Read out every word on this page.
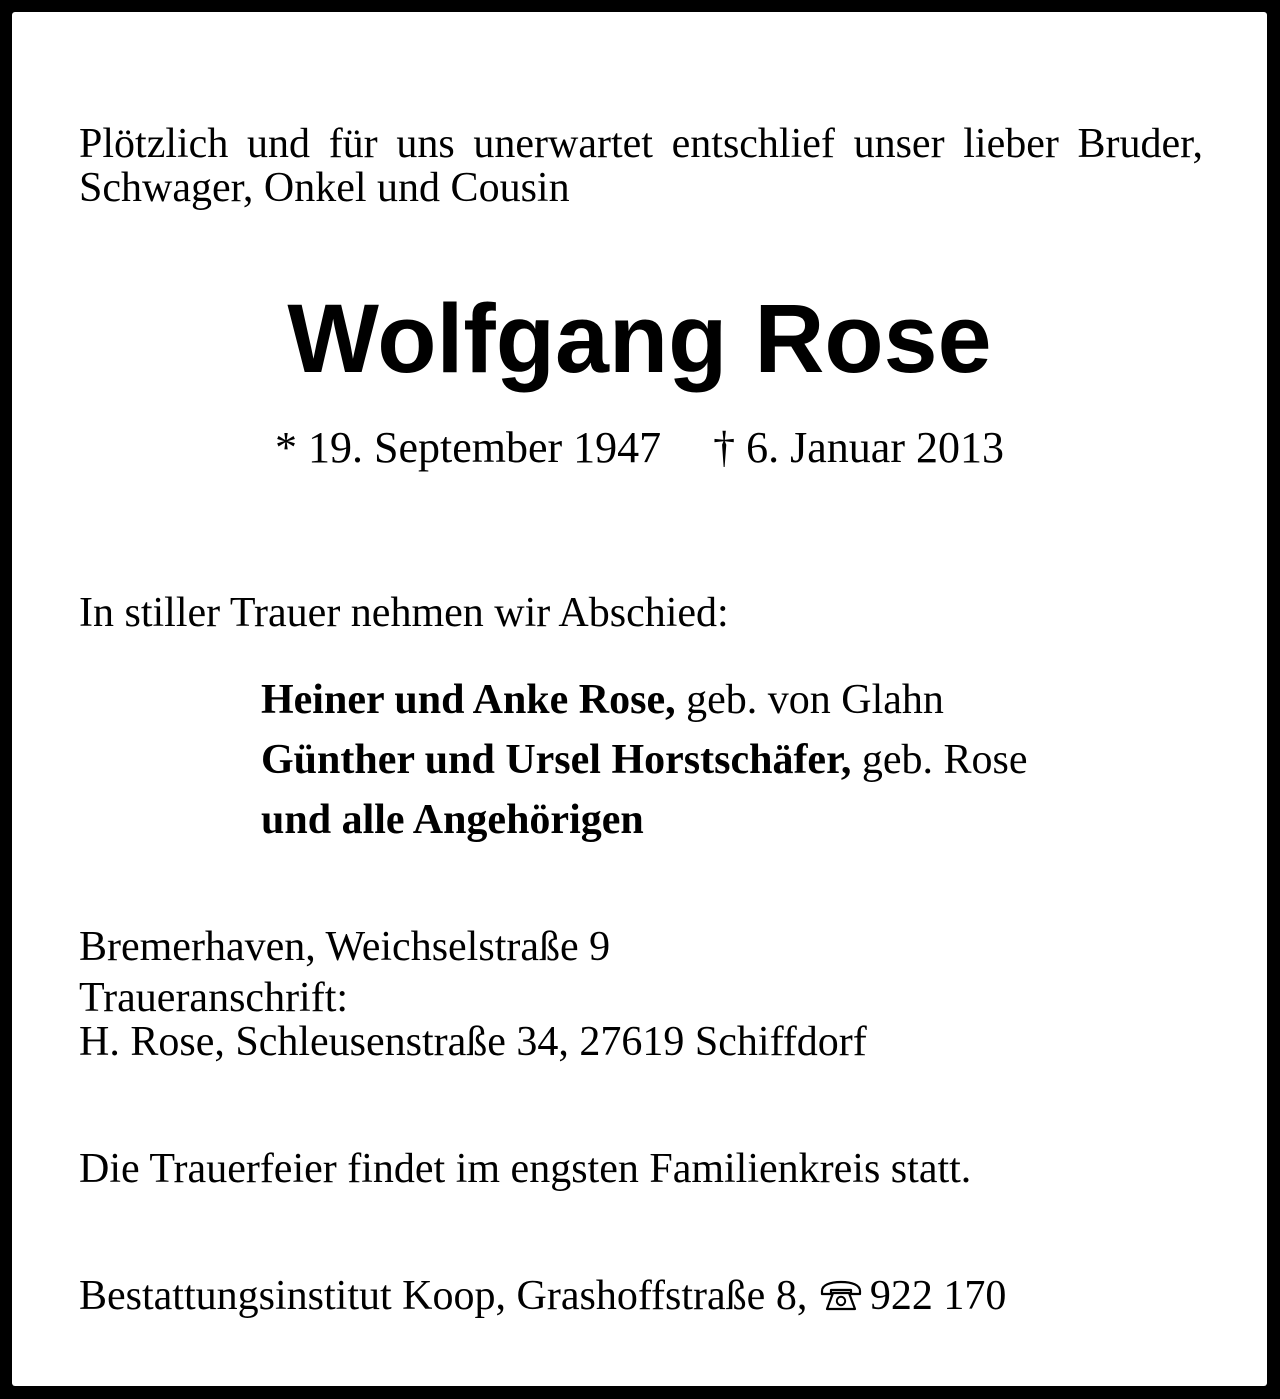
Plötzlich und für uns unerwartet entschlief unser lieber Bruder, Schwager, Onkel und Cousin
Wolfgang Rose
* 19. September 1947 † 6. Januar 2013
In stiller Trauer nehmen wir Abschied:
Heiner und Anke Rose, geb. von Glahn
Günther und Ursel Horstschäfer, geb. Rose
und alle Angehörigen
Bremerhaven, Weichselstraße 9
Traueranschrift:
H. Rose, Schleusenstraße 34, 27619 Schiffdorf
Die Trauerfeier findet im engsten Familienkreis statt.
Bestattungsinstitut Koop, Grashoffstraße 8, 922 170
